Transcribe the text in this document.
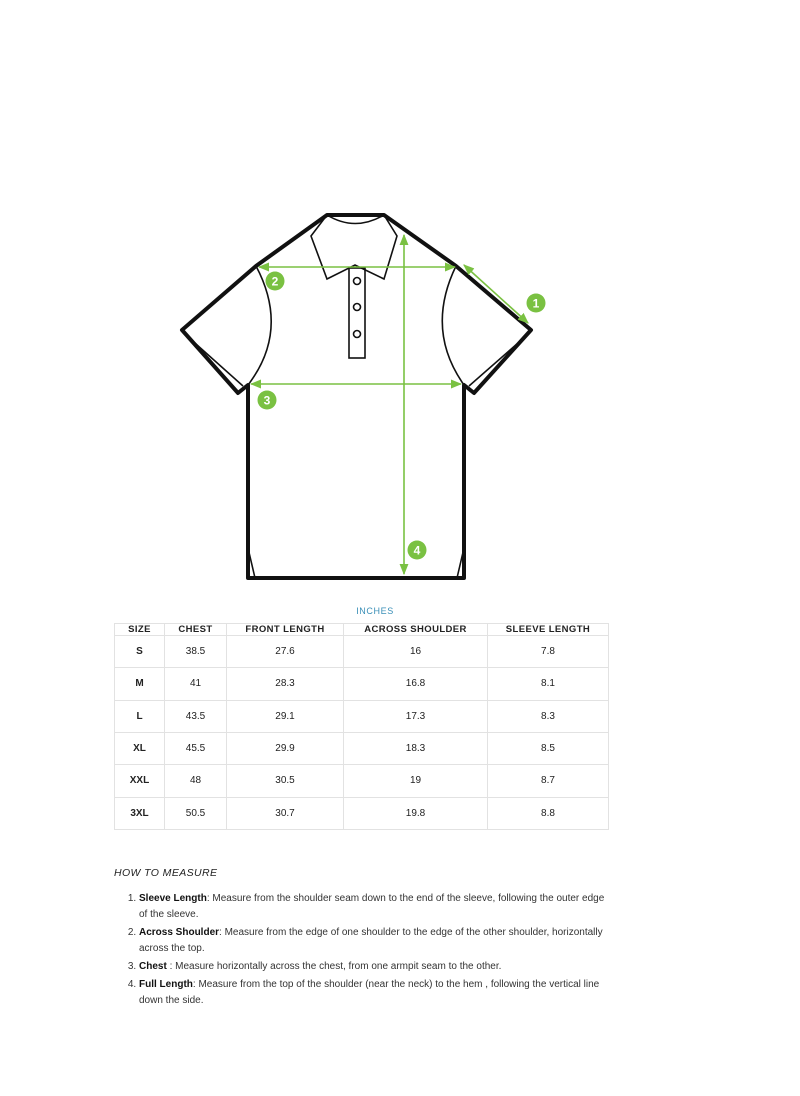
1
2
3
4
INCHES
SIZE	CHEST	FRONT LENGTH	ACROSS SHOULDER	SLEEVE LENGTH
S	38.5	27.6	16	7.8
M	41	28.3	16.8	8.1
L	43.5	29.1	17.3	8.3
XL	45.5	29.9	18.3	8.5
XXL	48	30.5	19	8.7
3XL	50.5	30.7	19.8	8.8
HOW TO MEASURE
1. Sleeve Length: Measure from the shoulder seam down to the end of the sleeve, following the outer edge of the sleeve.
2. Across Shoulder: Measure from the edge of one shoulder to the edge of the other shoulder, horizontally across the top.
3. Chest : Measure horizontally across the chest, from one armpit seam to the other.
4. Full Length: Measure from the top of the shoulder (near the neck) to the hem , following the vertical line down the side.
